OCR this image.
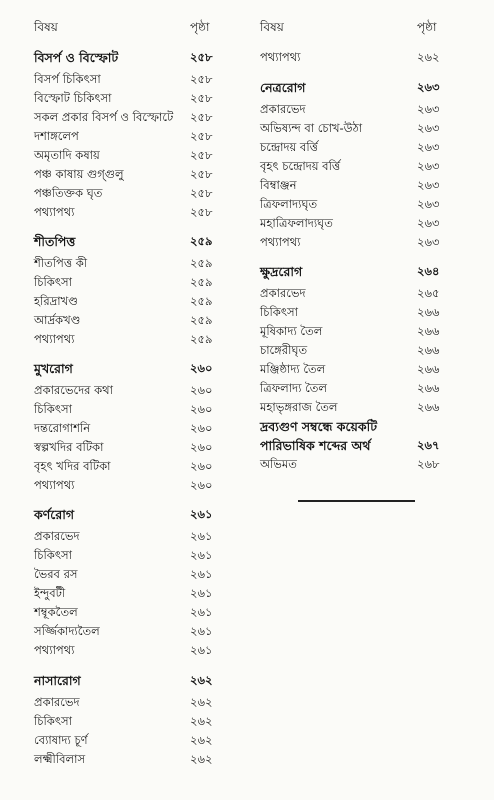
বিষয়	পৃষ্ঠা
বিসর্প ও বিস্ফোট	২৫৮
বিসর্প চিকিৎসা	২৫৮
বিস্ফোট চিকিৎসা	২৫৮
সকল প্রকার বিসর্প ও বিস্ফোটে ২৫৮
দশাঙ্গলেপ	২৫৮
অমৃতাদি কষায়	২৫৮
পঞ্চ কাষায় গুগ্গুলু	২৫৮
পঞ্চতিক্তক ঘৃত	২৫৮
পথ্যাপথ্য	২৫৮
শীতপিত্ত	২৫৯
শীতপিত্ত কী	২৫৯
চিকিৎসা	২৫৯
হরিদ্রাখণ্ড	২৫৯
আর্দ্রকখণ্ড	২৫৯
পথ্যাপথ্য	২৫৯
মুখরোগ	২৬০
প্রকারভেদের কথা	২৬০
চিকিৎসা	২৬০
দন্তরোগাশনি	২৬০
স্বল্পখদির বটিকা	২৬০
বৃহৎ খদির বটিকা	২৬০
পথ্যাপথ্য	২৬০
কর্ণরোগ	২৬১
প্রকারভেদ	২৬১
চিকিৎসা	২৬১
ভৈরব রস	২৬১
ইন্দুবটী	২৬১
শম্বূকতৈল	২৬১
সর্জ্জিকাদ্যতৈল	২৬১
পথ্যাপথ্য	২৬১
নাসারোগ	২৬২
প্রকারভেদ	২৬২
চিকিৎসা	২৬২
ব্যোষাদ্য চূর্ণ	২৬২
লক্ষ্মীবিলাস	২৬২
বিষয়	পৃষ্ঠা
পথ্যাপথ্য	২৬২
নেত্ররোগ	২৬৩
প্রকারভেদ	২৬৩
অভিষ্যন্দ বা চোখ-উঠা	২৬৩
চন্দ্রোদয় বর্ত্তি	২৬৩
বৃহৎ চন্দ্রোদয় বর্ত্তি	২৬৩
বিম্বাঞ্জন	২৬৩
ত্রিফলাদ্যঘৃত	২৬৩
মহাত্রিফলাদ্যঘৃত	২৬৩
পথ্যাপথ্য	২৬৩
ক্ষুদ্ররোগ	২৬৪
প্রকারভেদ	২৬৫
চিকিৎসা	২৬৬
মূষিকাদ্য তৈল	২৬৬
চাঙ্গেরীঘৃত	২৬৬
মঞ্জিষ্ঠাদ্য তৈল	২৬৬
ত্রিফলাদ্য তৈল	২৬৬
মহাভৃঙ্গরাজ তৈল	২৬৬
দ্রব্যগুণ সম্বন্ধে কয়েকটি
পারিভাষিক শব্দের অর্থ	২৬৭
অভিমত	২৬৮
